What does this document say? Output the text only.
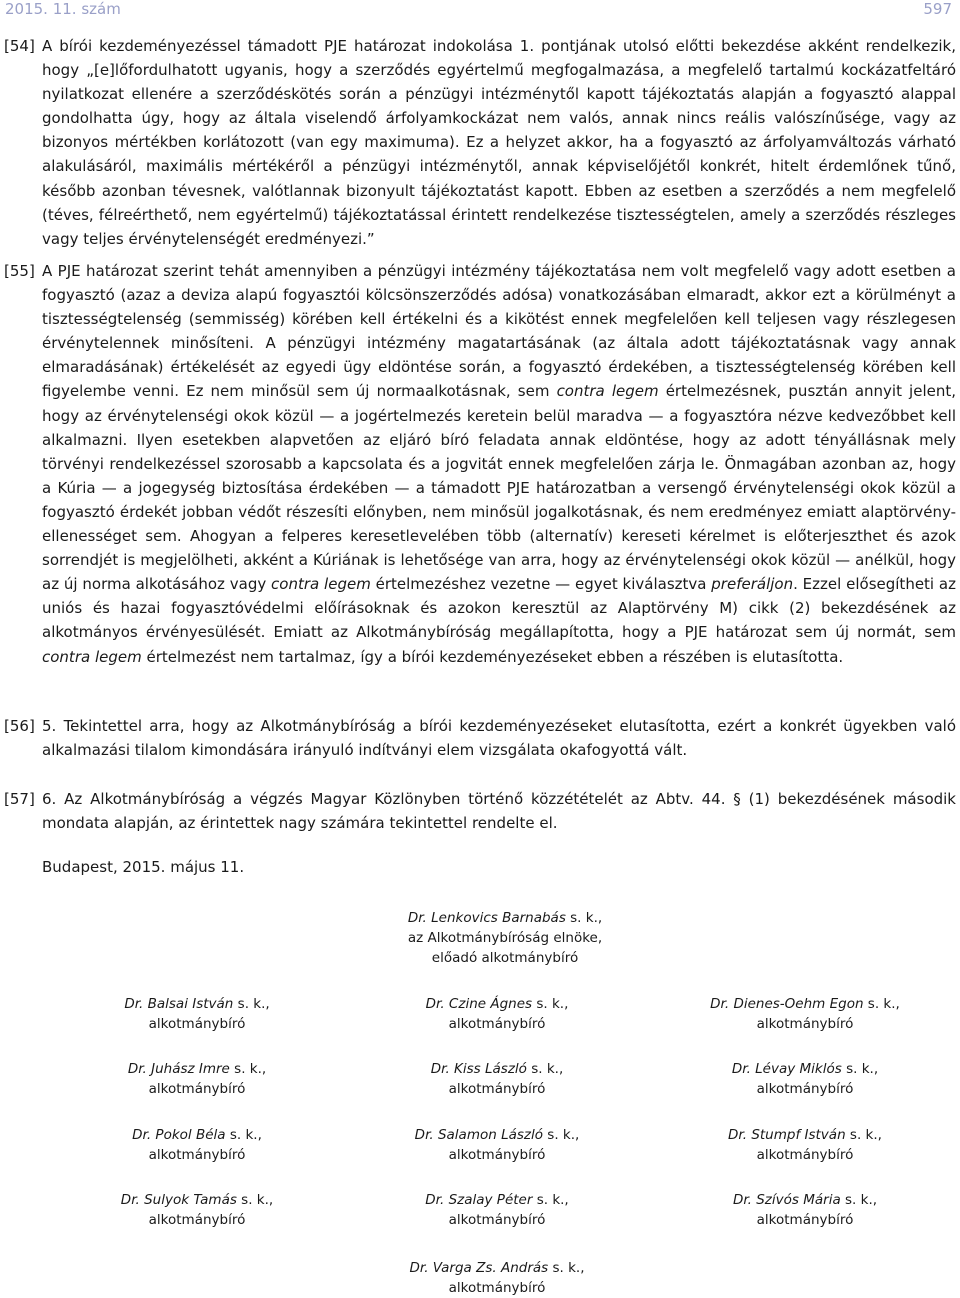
2015. 11. szám	597
[54] A bírói kezdeményezéssel támadott PJE határozat indokolása 1. pontjának utolsó előtti bekezdése akként rendelkezik, hogy „[e]lőfordulhatott ugyanis, hogy a szerződés egyértelmű megfogalmazása, a megfelelő tartalmú kockázatfeltáró nyilatkozat ellenére a szerződéskötés során a pénzügyi intézménytől kapott tájékoztatás alapján a fogyasztó alappal gondolhatta úgy, hogy az általa viselendő árfolyamkockázat nem valós, annak nincs reális valószínűsége, vagy az bizonyos mértékben korlátozott (van egy maximuma). Ez a helyzet akkor, ha a fogyasztó az árfolyamváltozás várható alakulásáról, maximális mértékéről a pénzügyi intézménytől, annak képviselőjétől konkrét, hitelt érdemlőnek tűnő, később azonban tévesnek, valótlannak bizonyult tájékoztatást kapott. Ebben az esetben a szerződés a nem megfelelő (téves, félreérthető, nem egyértelmű) tájékoztatással érintett rendelkezése tisztességtelen, amely a szerződés részleges vagy teljes érvénytelenségét eredményezi.”
[55] A PJE határozat szerint tehát amennyiben a pénzügyi intézmény tájékoztatása nem volt megfelelő vagy adott esetben a fogyasztó (azaz a deviza alapú fogyasztói kölcsönszerződés adósa) vonatkozásában elmaradt, akkor ezt a körülményt a tisztességtelenség (semmisség) körében kell értékelni és a kikötést ennek megfelelően kell teljesen vagy részlegesen érvénytelennek minősíteni. A pénzügyi intézmény magatartásának (az általa adott tájékoztatásnak vagy annak elmaradásának) értékelését az egyedi ügy eldöntése során, a fogyasztó érdekében, a tisztességtelenség körében kell figyelembe venni. Ez nem minősül sem új normaalkotásnak, sem contra legem értelmezésnek, pusztán annyit jelent, hogy az érvénytelenségi okok közül — a jogértelmezés keretein belül maradva — a fogyasztóra nézve kedvezőbbet kell alkalmazni. Ilyen esetekben alapvetően az eljáró bíró feladata annak eldöntése, hogy az adott tényállásnak mely törvényi rendelkezéssel szorosabb a kapcsolata és a jogvitát ennek megfelelően zárja le. Önmagában azonban az, hogy a Kúria — a jogegység biztosítása érdekében — a támadott PJE határozatban a versengő érvénytelenségi okok közül a fogyasztó érdekét jobban védőt részesíti előnyben, nem minősül jogalkotásnak, és nem eredményez emiatt alaptörvény-ellenességet sem. Ahogyan a felperes keresetlevelében több (alternatív) kereseti kérelmet is előterjeszthet és azok sorrendjét is megjelölheti, akként a Kúriának is lehetősége van arra, hogy az érvénytelenségi okok közül — anélkül, hogy az új norma alkotásához vagy contra legem értelmezéshez vezetne — egyet kiválasztva preferáljon. Ezzel elősegítheti az uniós és hazai fogyasztóvédelmi előírásoknak és azokon keresztül az Alaptörvény M) cikk (2) bekezdésének az alkotmányos érvényesülését. Emiatt az Alkotmánybíróság megállapította, hogy a PJE határozat sem új normát, sem contra legem értelmezést nem tartalmaz, így a bírói kezdeményezéseket ebben a részében is elutasította.
[56] 5. Tekintettel arra, hogy az Alkotmánybíróság a bírói kezdeményezéseket elutasította, ezért a konkrét ügyekben való alkalmazási tilalom kimondására irányuló indítványi elem vizsgálata okafogyottá vált.
[57] 6. Az Alkotmánybíróság a végzés Magyar Közlönyben történő közzétételét az Abtv. 44. § (1) bekezdésének második mondata alapján, az érintettek nagy számára tekintettel rendelte el.
Budapest, 2015. május 11.
Dr. Lenkovics Barnabás s. k.,
az Alkotmánybíróság elnöke,
előadó alkotmánybíró
Dr. Balsai István s. k.,
alkotmánybíró
Dr. Czine Ágnes s. k.,
alkotmánybíró
Dr. Dienes-Oehm Egon s. k.,
alkotmánybíró
Dr. Juhász Imre s. k.,
alkotmánybíró
Dr. Kiss László s. k.,
alkotmánybíró
Dr. Lévay Miklós s. k.,
alkotmánybíró
Dr. Pokol Béla s. k.,
alkotmánybíró
Dr. Salamon László s. k.,
alkotmánybíró
Dr. Stumpf István s. k.,
alkotmánybíró
Dr. Sulyok Tamás s. k.,
alkotmánybíró
Dr. Szalay Péter s. k.,
alkotmánybíró
Dr. Szívós Mária s. k.,
alkotmánybíró
Dr. Varga Zs. András s. k.,
alkotmánybíró
